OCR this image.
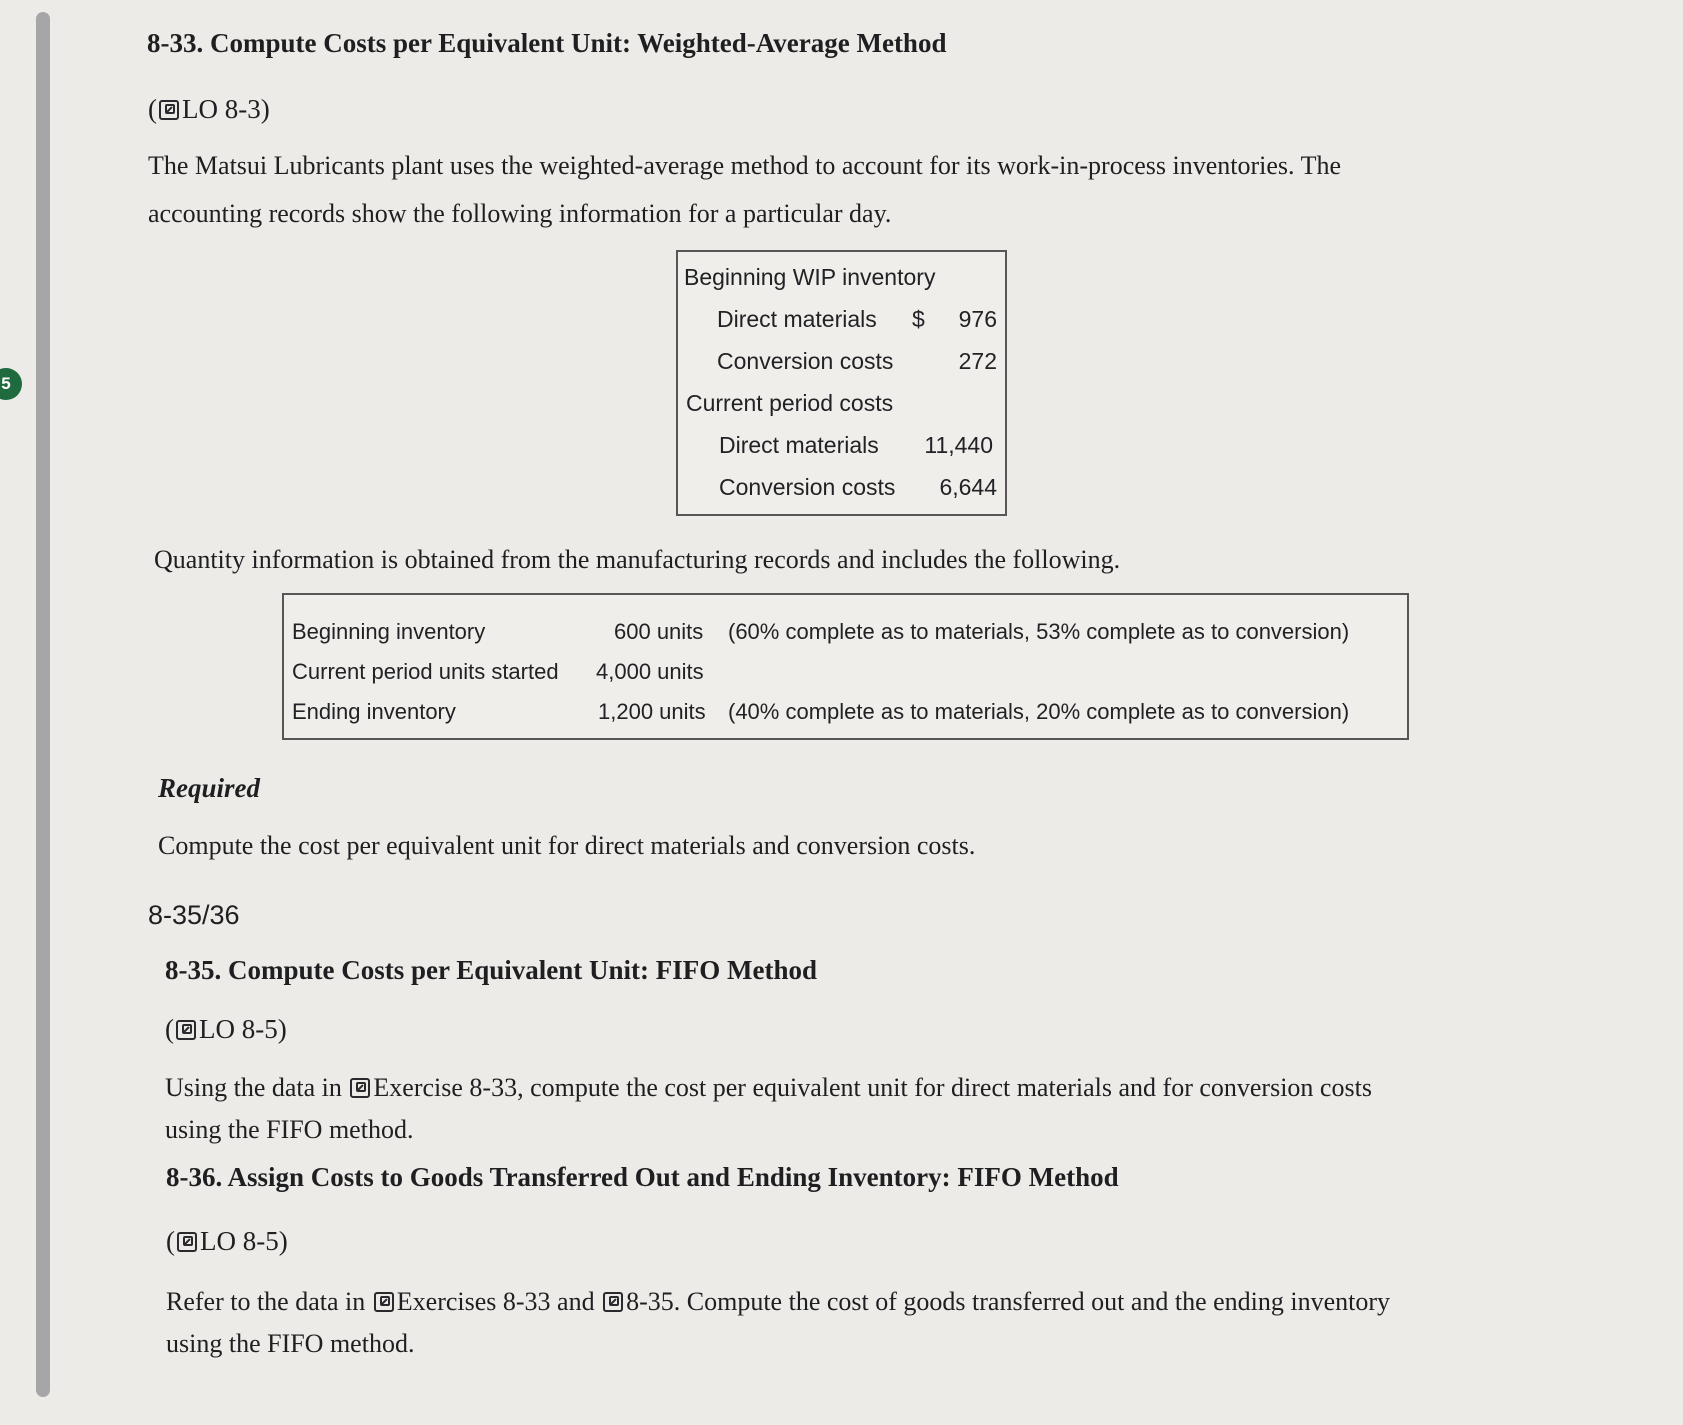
5
8-33. Compute Costs per Equivalent Unit: Weighted-Average Method
( LO 8-3)
The Matsui Lubricants plant uses the weighted-average method to account for its work-in-process inventories. The
accounting records show the following information for a particular day.
Beginning WIP inventory
Direct materials $ 976
Conversion costs	272
Current period costs
Direct materials 11,440
Conversion costs 6,644
Quantity information is obtained from the manufacturing records and includes the following.
Beginning inventory	600 units (60% complete as to materials, 53% complete as to conversion)
Current period units started 4,000 units
Ending inventory	1,200 units (40% complete as to materials, 20% complete as to conversion)
Required
Compute the cost per equivalent unit for direct materials and conversion costs.
8-35/36
8-35. Compute Costs per Equivalent Unit: FIFO Method
( LO 8-5)
Using the data in Exercise 8-33, compute the cost per equivalent unit for direct materials and for conversion costs
using the FIFO method.
8-36. Assign Costs to Goods Transferred Out and Ending Inventory: FIFO Method
( LO 8-5)
Refer to the data in Exercises 8-33 and 8-35. Compute the cost of goods transferred out and the ending inventory
using the FIFO method.
